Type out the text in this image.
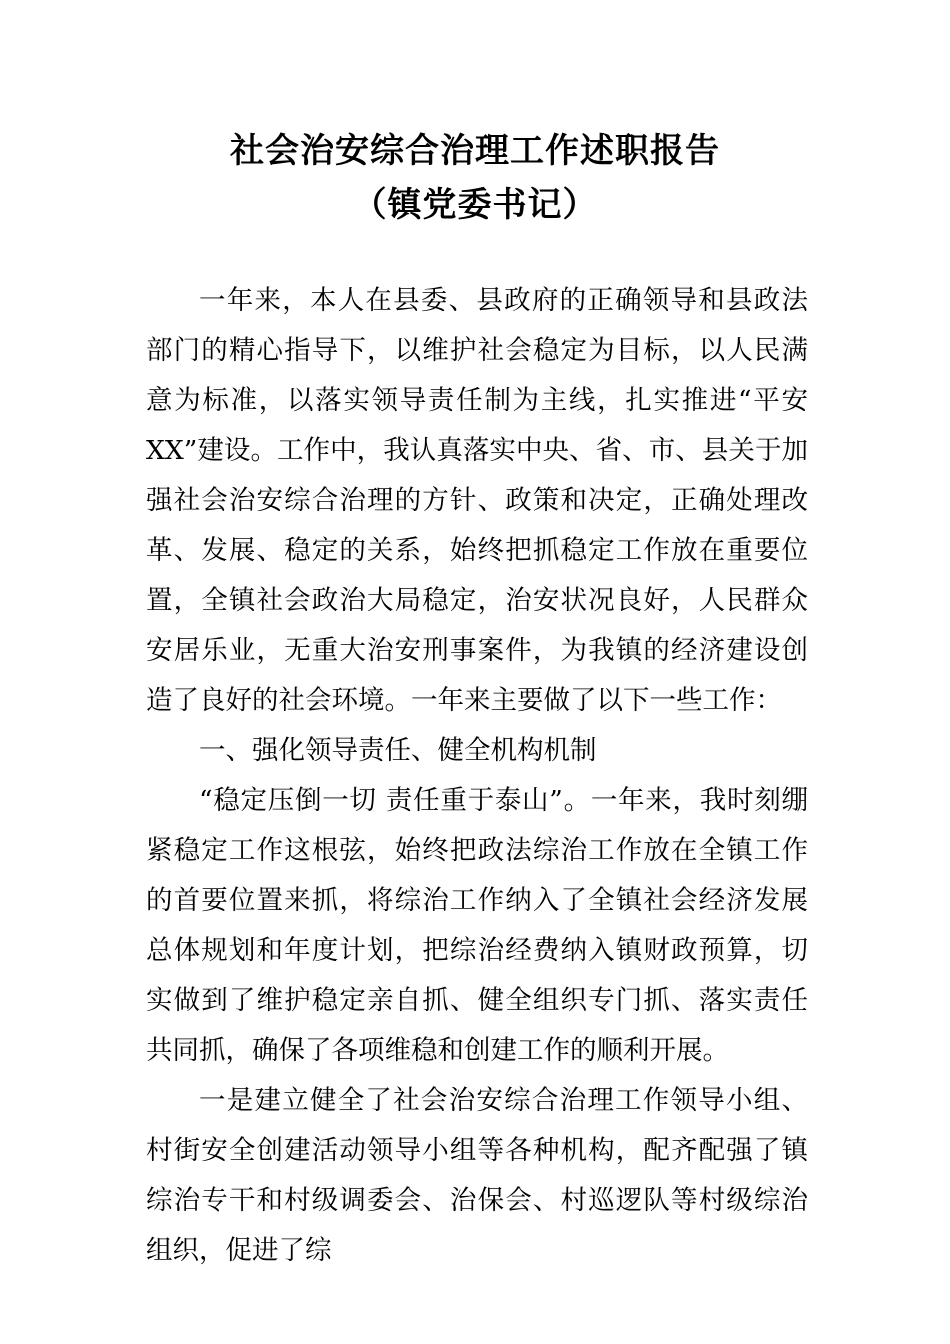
社会治安综合治理工作述职报告
（镇党委书记）

一年来，本人在县委、县政府的正确领导和县政法部门的精心指导下，以维护社会稳定为目标，以人民满意为标准，以落实领导责任制为主线，扎实推进“平安XX”建设。工作中，我认真落实中央、省、市、县关于加强社会治安综合治理的方针、政策和决定，正确处理改革、发展、稳定的关系，始终把抓稳定工作放在重要位置，全镇社会政治大局稳定，治安状况良好，人民群众安居乐业，无重大治安刑事案件，为我镇的经济建设创造了良好的社会环境。一年来主要做了以下一些工作：

一、强化领导责任、健全机构机制

“稳定压倒一切 责任重于泰山”。一年来，我时刻绷紧稳定工作这根弦，始终把政法综治工作放在全镇工作的首要位置来抓，将综治工作纳入了全镇社会经济发展总体规划和年度计划，把综治经费纳入镇财政预算，切实做到了维护稳定亲自抓、健全组织专门抓、落实责任共同抓，确保了各项维稳和创建工作的顺利开展。

一是建立健全了社会治安综合治理工作领导小组、村街安全创建活动领导小组等各种机构，配齐配强了镇综治专干和村级调委会、治保会、村巡逻队等村级综治组织，促进了综
